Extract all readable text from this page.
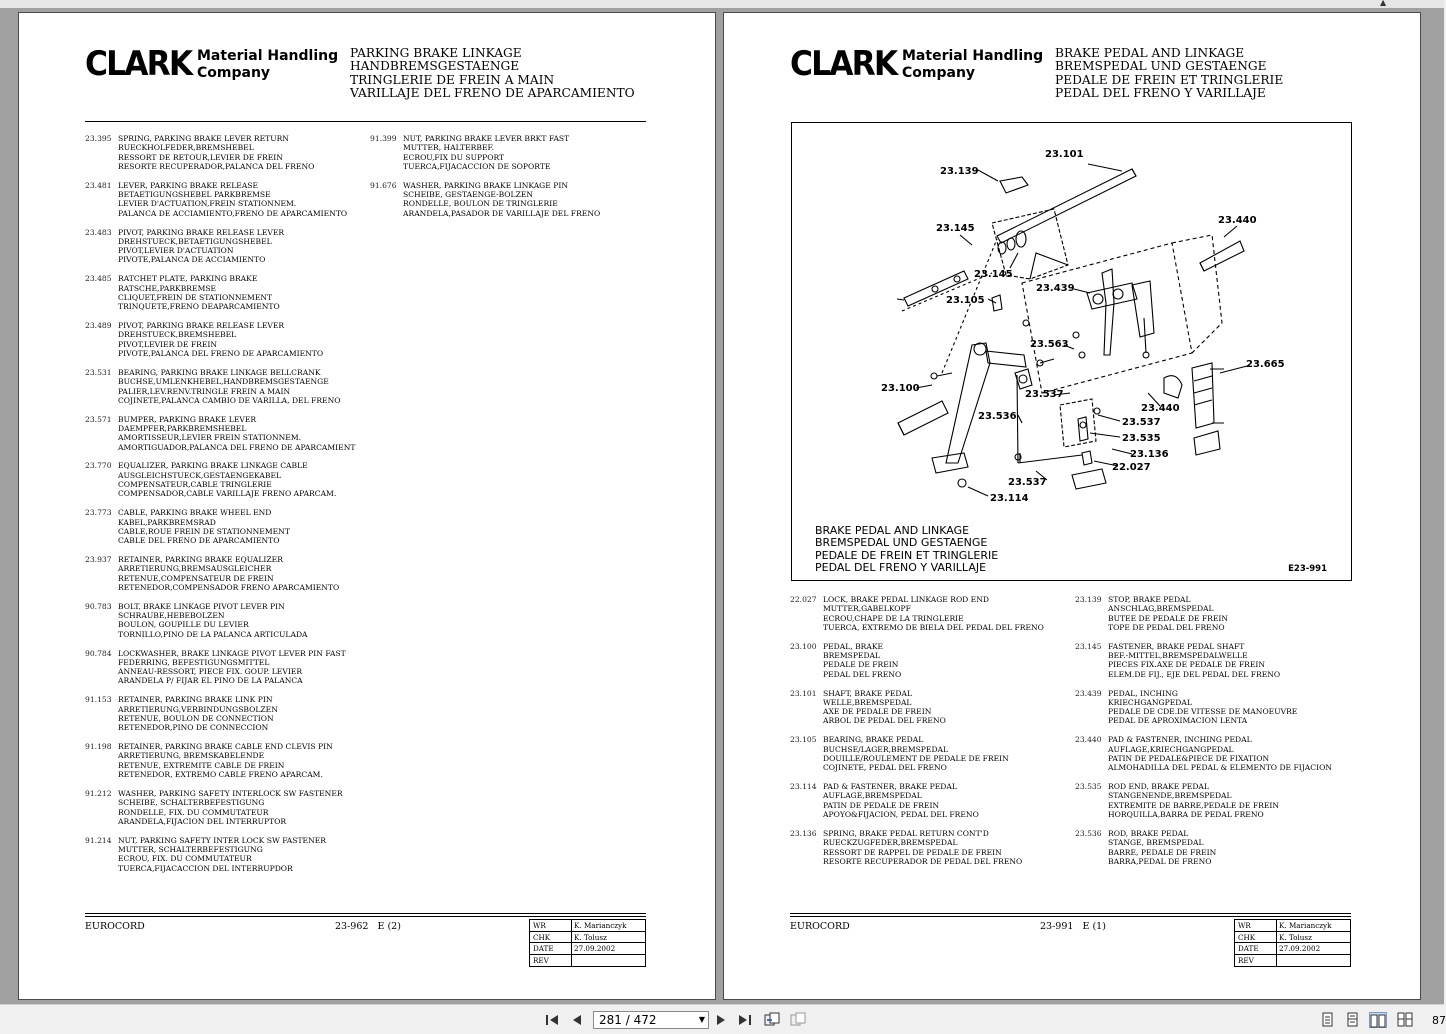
▲
CLARK Material Handling
Company
PARKING BRAKE LINKAGE
HANDBREMSGESTAENGE
TRINGLERIE DE FREIN A MAIN
VARILLAJE DEL FRENO DE APARCAMIENTO
23.395 SPRING, PARKING BRAKE LEVER RETURN
RUECKHOLFEDER,BREMSHEBEL
RESSORT DE RETOUR,LEVIER DE FREIN
RESORTE RECUPERADOR,PALANCA DEL FRENO
23.481 LEVER, PARKING BRAKE RELEASE
BETAETIGUNGSHEBEL PARKBREMSE
LEVIER D'ACTUATION,FREIN STATIONNEM.
PALANCA DE ACCIAMIENTO,FRENO DE APARCAMIENTO
23.483 PIVOT, PARKING BRAKE RELEASE LEVER
DREHSTUECK,BETAETIGUNGSHEBEL
PIVOT,LEVIER D'ACTUATION
PIVOTE,PALANCA DE ACCIAMIENTO
23.485 RATCHET PLATE, PARKING BRAKE
RATSCHE,PARKBREMSE
CLIQUET,FREIN DE STATIONNEMENT
TRINQUETE,FRENO DEAPARCAMIENTO
23.489 PIVOT, PARKING BRAKE RELEASE LEVER
DREHSTUECK,BREMSHEBEL
PIVOT,LEVIER DE FREIN
PIVOTE,PALANCA DEL FRENO DE APARCAMIENTO
23.531 BEARING, PARKING BRAKE LINKAGE BELLCRANK
BUCHSE,UMLENKHEBEL,HANDBREMSGESTAENGE
PALIER,LEV.RENV.TRINGLE FREIN A MAIN
COJINETE,PALANCA CAMBIO DE VARILLA, DEL FRENO
23.571 BUMPER, PARKING BRAKE LEVER
DAEMPFER,PARKBREMSHEBEL
AMORTISSEUR,LEVIER FREIN STATIONNEM.
AMORTIGUADOR,PALANCA DEL FRENO DE APARCAMIENT
23.770 EQUALIZER, PARKING BRAKE LINKAGE CABLE
AUSGLEICHSTUECK,GESTAENGEKABEL
COMPENSATEUR,CABLE TRINGLERIE
COMPENSADOR,CABLE VARILLAJE FRENO APARCAM.
23.773 CABLE, PARKING BRAKE WHEEL END
KABEL,PARKBREMSRAD
CABLE,ROUE FREIN DE STATIONNEMENT
CABLE DEL FRENO DE APARCAMIENTO
23.937 RETAINER, PARKING BRAKE EQUALIZER
ARRETIERUNG,BREMSAUSGLEICHER
RETENUE,COMPENSATEUR DE FREIN
RETENEDOR,COMPENSADOR FRENO APARCAMIENTO
90.783 BOLT, BRAKE LINKAGE PIVOT LEVER PIN
SCHRAUBE,HEBEBOLZEN
BOULON, GOUPILLE DU LEVIER
TORNILLO,PINO DE LA PALANCA ARTICULADA
90.784 LOCKWASHER, BRAKE LINKAGE PIVOT LEVER PIN FAST
FEDERRING, BEFESTIGUNGSMITTEL
ANNEAU-RESSORT, PIECE FIX. GOUP. LEVIER
ARANDELA P/ FIJAR EL PINO DE LA PALANCA
91.153 RETAINER, PARKING BRAKE LINK PIN
ARRETIERUNG,VERBINDUNGSBOLZEN
RETENUE, BOULON DE CONNECTION
RETENEDOR,PINO DE CONNECCION
91.198 RETAINER, PARKING BRAKE CABLE END CLEVIS PIN
ARRETIERUNG, BREMSKABELENDE
RETENUE, EXTREMITE CABLE DE FREIN
RETENEDOR, EXTREMO CABLE FRENO APARCAM.
91.212 WASHER, PARKING SAFETY INTERLOCK SW FASTENER
SCHEIBE, SCHALTERBEFESTIGUNG
RONDELLE, FIX. DU COMMUTATEUR
ARANDELA,FIJACION DEL INTERRUPTOR
91.214 NUT, PARKING SAFETY INTER LOCK SW FASTENER
MUTTER, SCHALTERBEFESTIGUNG
ECROU, FIX. DU COMMUTATEUR
TUERCA,FIJACACCION DEL INTERRUPDOR
91.399 NUT, PARKING BRAKE LEVER BRKT FAST
MUTTER, HALTERBEF.
ECROU,FIX DU SUPPORT
TUERCA,FIJACACCION DE SOPORTE
91.676 WASHER, PARKING BRAKE LINKAGE PIN
SCHEIBE, GESTAENGE-BOLZEN
RONDELLE, BOULON DE TRINGLERIE
ARANDELA,PASADOR DE VARILLAJE DEL FRENO
EUROCORD	23-962   E (2)	WR	K. Marianczyk
CHK	K. Tolusz
DATE	27.09.2002
REV
CLARK Material Handling
Company
BRAKE PEDAL AND LINKAGE
BREMSPEDAL UND GESTAENGE
PEDALE DE FREIN ET TRINGLERIE
PEDAL DEL FRENO Y VARILLAJE
23.101
23.139
23.440
23.145
23.145
23.439
23.105
23.563
23.665
23.100
23.537
23.440
23.536
23.537
23.535
23.136
22.027
23.537
23.114
BRAKE PEDAL AND LINKAGE
BREMSPEDAL UND GESTAENGE
PEDALE DE FREIN ET TRINGLERIE
PEDAL DEL FRENO Y VARILLAJE	E23-991
22.027 LOCK, BRAKE PEDAL LINKAGE ROD END
MUTTER,GABELKOPF
ECROU,CHAPE DE LA TRINGLERIE
TUERCA, EXTREMO DE BIELA DEL PEDAL DEL FRENO
23.100 PEDAL, BRAKE
BREMSPEDAL
PEDALE DE FREIN
PEDAL DEL FRENO
23.101 SHAFT, BRAKE PEDAL
WELLE,BREMSPEDAL
AXE DE PEDALE DE FREIN
ARBOL DE PEDAL DEL FRENO
23.105 BEARING, BRAKE PEDAL
BUCHSE/LAGER,BREMSPEDAL
DOUILLE/ROULEMENT DE PEDALE DE FREIN
COJINETE, PEDAL DEL FRENO
23.114 PAD & FASTENER, BRAKE PEDAL
AUFLAGE,BREMSPEDAL
PATIN DE PEDALE DE FREIN
APOYO&FIJACION, PEDAL DEL FRENO
23.136 SPRING, BRAKE PEDAL RETURN CONT'D
RUECKZUGFEDER,BREMSPEDAL
RESSORT DE RAPPEL DE PEDALE DE FREIN
RESORTE RECUPERADOR DE PEDAL DEL FRENO
23.139 STOP, BRAKE PEDAL
ANSCHLAG,BREMSPEDAL
BUTEE DE PEDALE DE FREIN
TOPE DE PEDAL DEL FRENO
23.145 FASTENER, BRAKE PEDAL SHAFT
BEF.-MITTEL,BREMSPEDALWELLE
PIECES FIX.AXE DE PEDALE DE FREIN
ELEM.DE FIJ., EJE DEL PEDAL DEL FRENO
23.439 PEDAL, INCHING
KRIECHGANGPEDAL
PEDALE DE CDE.DE VITESSE DE MANOEUVRE
PEDAL DE APROXIMACION LENTA
23.440 PAD & FASTENER, INCHING PEDAL
AUFLAGE,KRIECHGANGPEDAL
PATIN DE PEDALE&PIECE DE FIXATION
ALMOHADILLA DEL PEDAL & ELEMENTO DE FIJACION
23.535 ROD END, BRAKE PEDAL
STANGENENDE,BREMSPEDAL
EXTREMITE DE BARRE,PEDALE DE FREIN
HORQUILLA,BARRA DE PEDAL FRENO
23.536 ROD, BRAKE PEDAL
STANGE, BREMSPEDAL
BARRE, PEDALE DE FREIN
BARRA,PEDAL DE FRENO
EUROCORD	23-991   E (1)	WR	K. Marianczyk
CHK	K. Tolusz
DATE	27.09.2002
REV
281 / 472	▼	87
